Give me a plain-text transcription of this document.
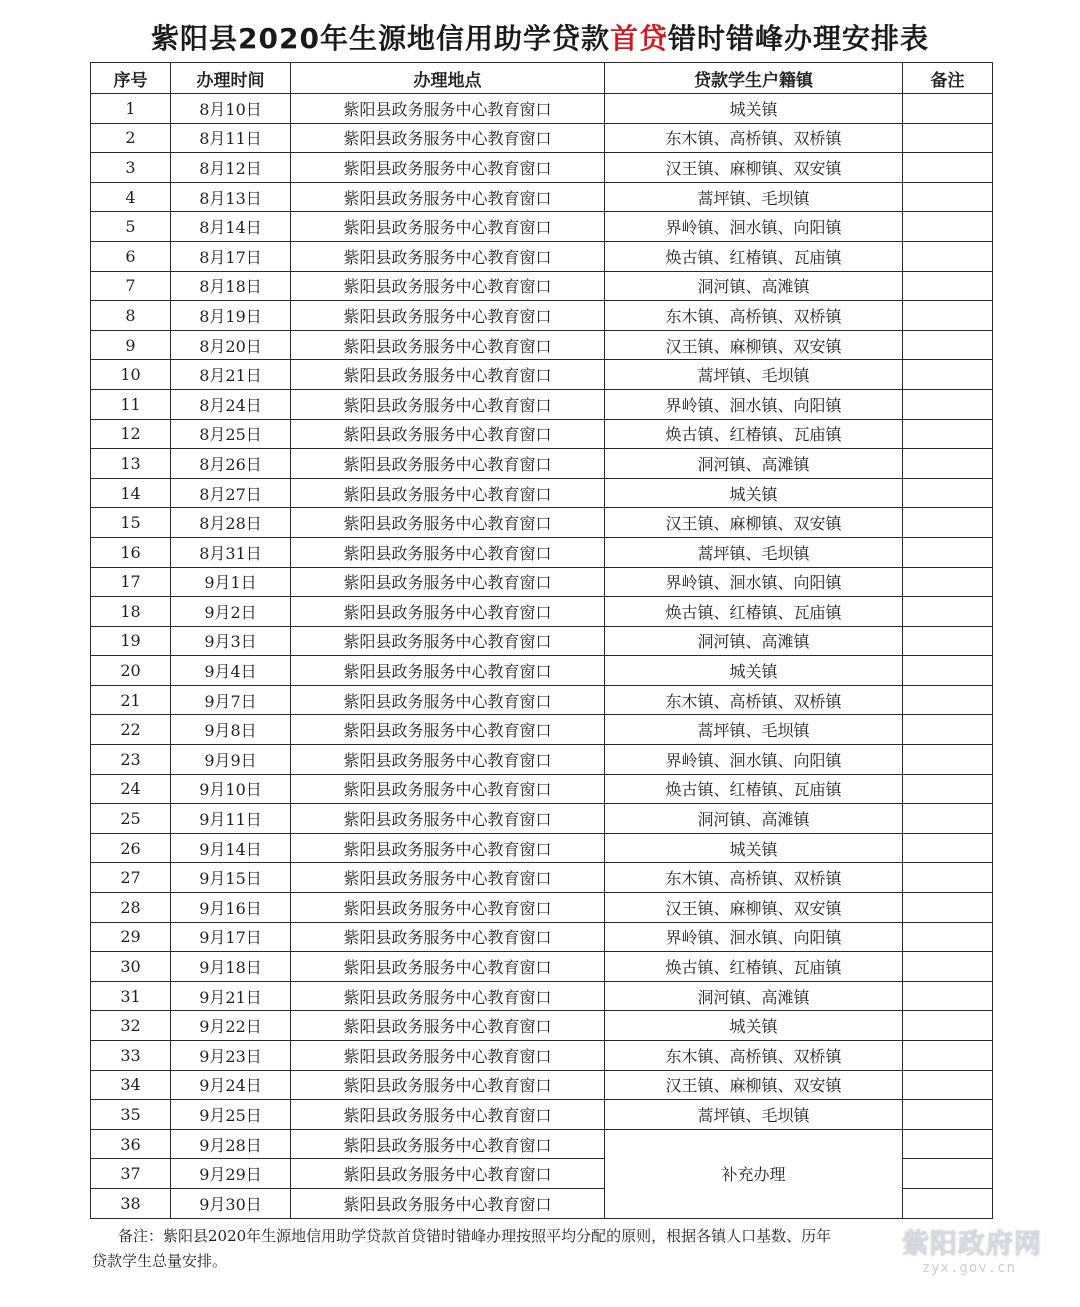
紫阳县2020年生源地信用助学贷款首贷错时错峰办理安排表
序号	办理时间	办理地点	贷款学生户籍镇	备注
1	8月10日	紫阳县政务服务中心教育窗口	城关镇	
2	8月11日	紫阳县政务服务中心教育窗口	东木镇、高桥镇、双桥镇	
3	8月12日	紫阳县政务服务中心教育窗口	汉王镇、麻柳镇、双安镇	
4	8月13日	紫阳县政务服务中心教育窗口	蒿坪镇、毛坝镇	
5	8月14日	紫阳县政务服务中心教育窗口	界岭镇、洄水镇、向阳镇	
6	8月17日	紫阳县政务服务中心教育窗口	焕古镇、红椿镇、瓦庙镇	
7	8月18日	紫阳县政务服务中心教育窗口	洞河镇、高滩镇	
8	8月19日	紫阳县政务服务中心教育窗口	东木镇、高桥镇、双桥镇	
9	8月20日	紫阳县政务服务中心教育窗口	汉王镇、麻柳镇、双安镇	
10	8月21日	紫阳县政务服务中心教育窗口	蒿坪镇、毛坝镇	
11	8月24日	紫阳县政务服务中心教育窗口	界岭镇、洄水镇、向阳镇	
12	8月25日	紫阳县政务服务中心教育窗口	焕古镇、红椿镇、瓦庙镇	
13	8月26日	紫阳县政务服务中心教育窗口	洞河镇、高滩镇	
14	8月27日	紫阳县政务服务中心教育窗口	城关镇	
15	8月28日	紫阳县政务服务中心教育窗口	汉王镇、麻柳镇、双安镇	
16	8月31日	紫阳县政务服务中心教育窗口	蒿坪镇、毛坝镇	
17	9月1日	紫阳县政务服务中心教育窗口	界岭镇、洄水镇、向阳镇	
18	9月2日	紫阳县政务服务中心教育窗口	焕古镇、红椿镇、瓦庙镇	
19	9月3日	紫阳县政务服务中心教育窗口	洞河镇、高滩镇	
20	9月4日	紫阳县政务服务中心教育窗口	城关镇	
21	9月7日	紫阳县政务服务中心教育窗口	东木镇、高桥镇、双桥镇	
22	9月8日	紫阳县政务服务中心教育窗口	蒿坪镇、毛坝镇	
23	9月9日	紫阳县政务服务中心教育窗口	界岭镇、洄水镇、向阳镇	
24	9月10日	紫阳县政务服务中心教育窗口	焕古镇、红椿镇、瓦庙镇	
25	9月11日	紫阳县政务服务中心教育窗口	洞河镇、高滩镇	
26	9月14日	紫阳县政务服务中心教育窗口	城关镇	
27	9月15日	紫阳县政务服务中心教育窗口	东木镇、高桥镇、双桥镇	
28	9月16日	紫阳县政务服务中心教育窗口	汉王镇、麻柳镇、双安镇	
29	9月17日	紫阳县政务服务中心教育窗口	界岭镇、洄水镇、向阳镇	
30	9月18日	紫阳县政务服务中心教育窗口	焕古镇、红椿镇、瓦庙镇	
31	9月21日	紫阳县政务服务中心教育窗口	洞河镇、高滩镇	
32	9月22日	紫阳县政务服务中心教育窗口	城关镇	
33	9月23日	紫阳县政务服务中心教育窗口	东木镇、高桥镇、双桥镇	
34	9月24日	紫阳县政务服务中心教育窗口	汉王镇、麻柳镇、双安镇	
35	9月25日	紫阳县政务服务中心教育窗口	蒿坪镇、毛坝镇	
36	9月28日	紫阳县政务服务中心教育窗口	补充办理	
37	9月29日	紫阳县政务服务中心教育窗口		
38	9月30日	紫阳县政务服务中心教育窗口		
备注：紫阳县2020年生源地信用助学贷款首贷错时错峰办理按照平均分配的原则，根据各镇人口基数、历年
贷款学生总量安排。
紫阳政府网
zyx.gov.cn
